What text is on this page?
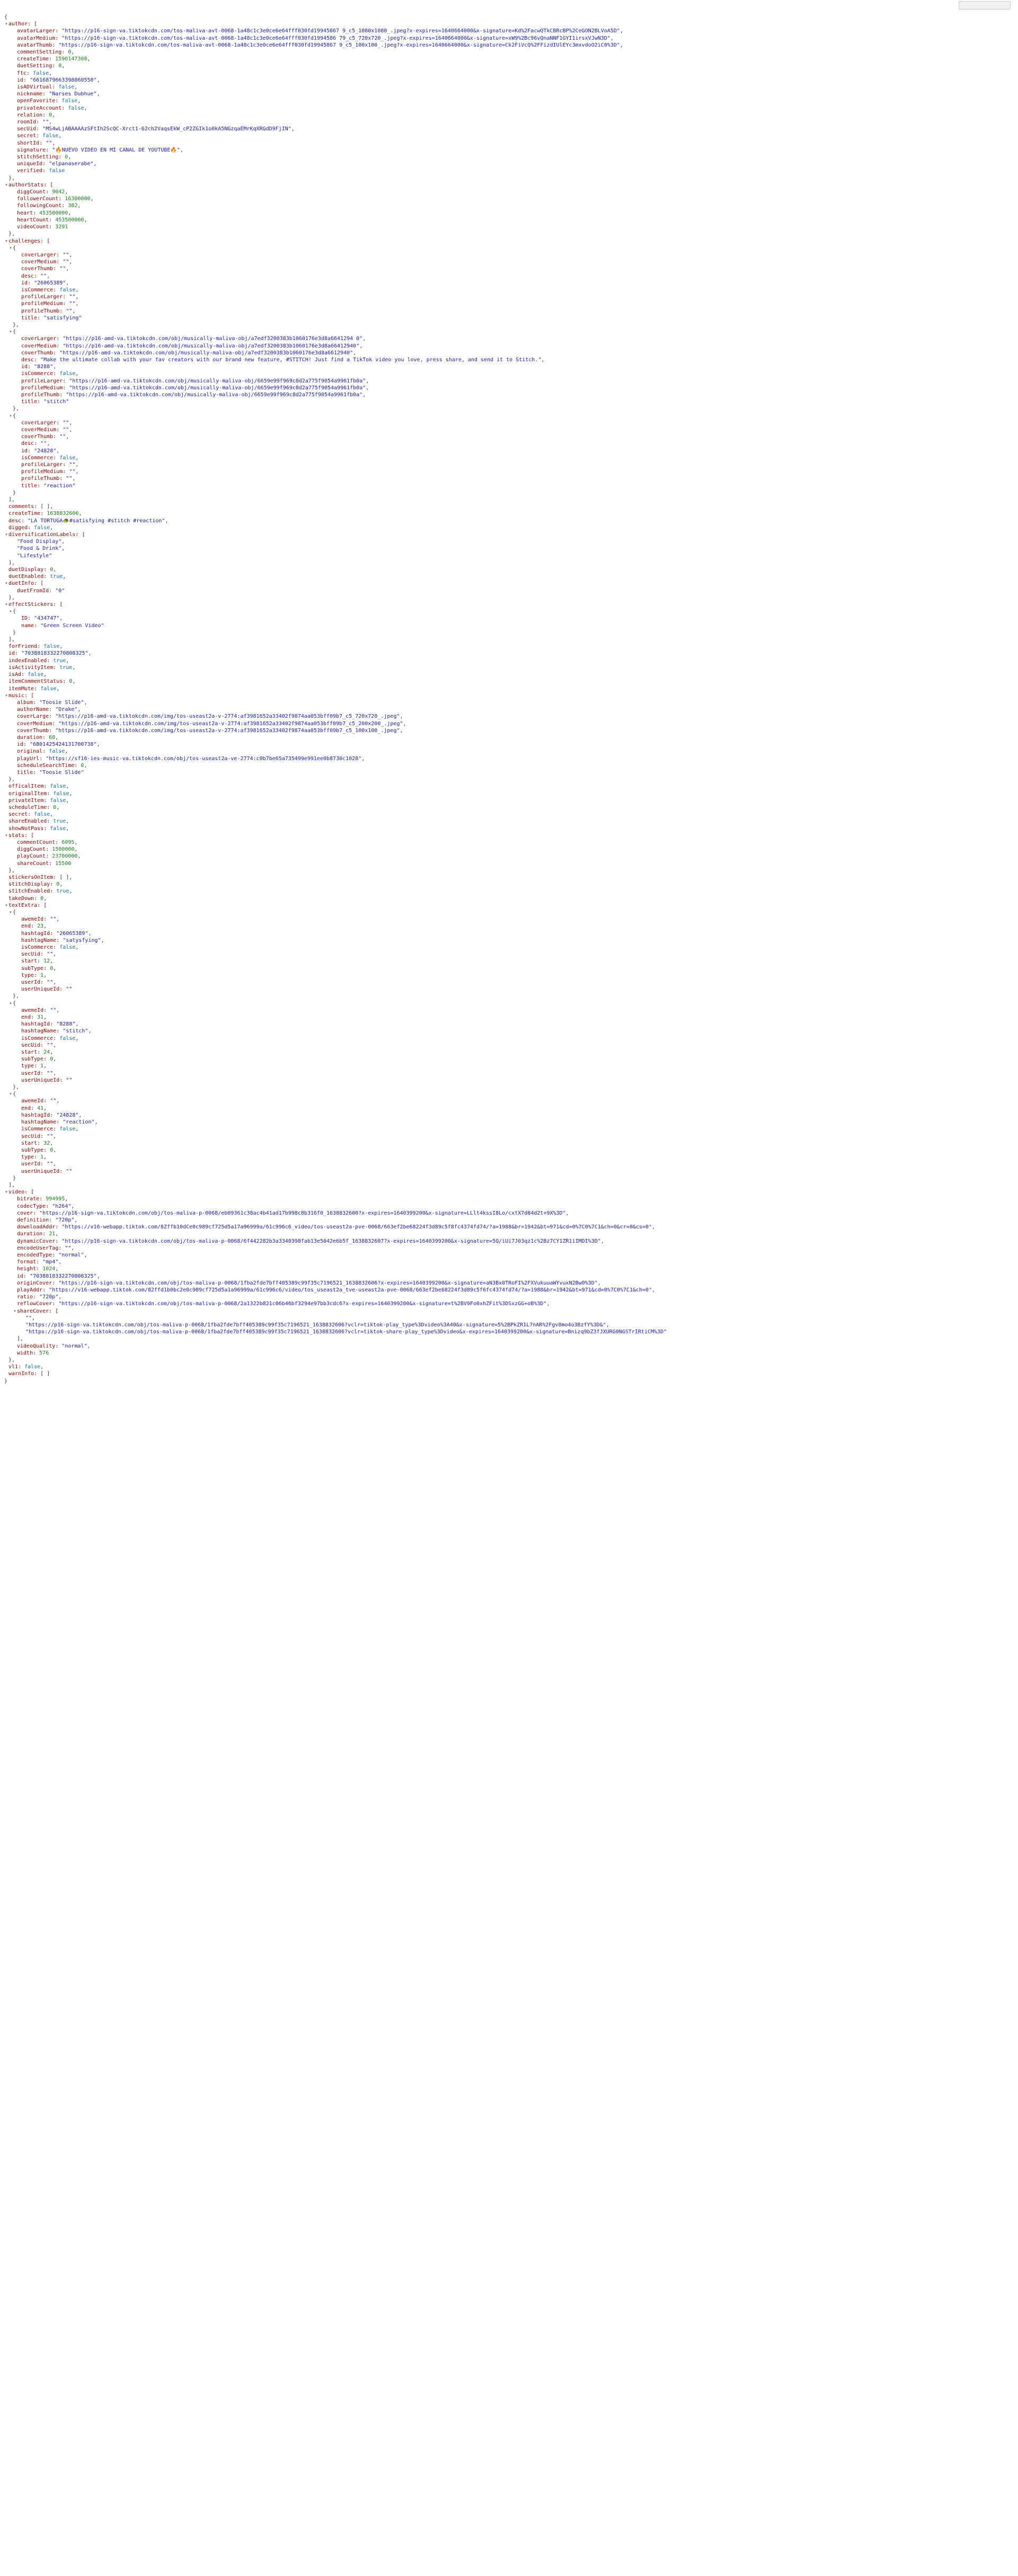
{
▾author: [
avatarLarger: "https://p16-sign-va.tiktokcdn.com/tos-maliva-avt-0068-1a48c1c3e0ce6e64fff030fd19945867 9_c5_1080x1080_.jpeg?x-expires=1640664000&x-signature=Kd%2FacwQTkCBRcBP%2CeGON2BLVoA5D",
avatarMedium: "https://p16-sign-va.tiktokcdn.com/tos-maliva-avt-0068-1a48c1c3e0ce6e64fff030fd1994586 79_c5_720x720_.jpeg?x-expires=1640664000&x-signature=xW9%2Bc96vQnaNNF1GYI1irsxVJwN3D",
avatarThumb: "https://p16-sign-va.tiktokcdn.com/tos-maliva-avt-0068-1a48c1c3e0ce6e64fff030fd19945867 9_c5_100x100_.jpeg?x-expires=1640664000&x-signature=Ck2FiVcQ%2FFizdIUlEYc3mxvdoO2iC0%3D",
commentSetting: 0,
createTime: 1590147308,
duetSetting: 0,
ftc: false,
id: "6616879663398860550",
isADVirtual: false,
nickname: "Narses Dubhue",
openFavorite: false,
privateAccount: false,
relation: 0,
roomId: "",
secUid: "MS4wLjABAAAAzSFtIh2ScQC-Xrct1-62ch2VaqsEkW_cP2ZGIk1o0kA5NGzqaEMrKqXRGdD9FjIN",
secret: false,
shortId: "",
signature: "🔥NUEVO VIDEO EN MI CANAL DE YOUTUBE🔥",
stitchSetting: 0,
uniqueId: "elpanaserabe",
verified: false
},
▾authorStats: [
diggCount: 9042,
followerCount: 16300000,
followingCount: 382,
heart: 453500000,
heartCount: 453500000,
videoCount: 3291
},
▾challenges: [
▾{
coverLarger: "",
coverMedium: "",
coverThumb: "",
desc: "",
id: "26065389",
isCommerce: false,
profileLarger: "",
profileMedium: "",
profileThumb: "",
title: "satisfying"
},
▾{
coverLarger: "https://p16-amd-va.tiktokcdn.com/obj/musically-maliva-obj/a7edf3200383b1060176e3d8a6641294 0",
coverMedium: "https://p16-amd-va.tiktokcdn.com/obj/musically-maliva-obj/a7edf3200383b1060176e3d8a66412940",
coverThumb: "https://p16-amd-va.tiktokcdn.com/obj/musically-maliva-obj/a7edf3200383b1060176e3d8a6612940",
desc: "Make the ultimate collab with your fav creators with our brand new feature, #STITCH! Just find a TikTok video you love, press share, and send it to Stitch.",
id: "8288",
isCommerce: false,
profileLarger: "https://p16-amd-va.tiktokcdn.com/obj/musically-maliva-obj/6659e99f969c8d2a775f9054a9961fb0a",
profileMedium: "https://p16-amd-va.tiktokcdn.com/obj/musically-maliva-obj/6659e99f969c8d2a775f9054a9961fb0a",
profileThumb: "https://p16-amd-va.tiktokcdn.com/obj/musically-maliva-obj/6659e99f969c8d2a775f9054a9961fb0a",
title: "stitch"
},
▾{
coverLarger: "",
coverMedium: "",
coverThumb: "",
desc: "",
id: "24828",
isCommerce: false,
profileLarger: "",
profileMedium: "",
profileThumb: "",
title: "reaction"
}
],
comments: [ ],
createTime: 1638832606,
desc: "LA TORTUGA🐢#satisfying #stitch #reaction",
digged: false,
▾diversificationLabels: [
"Food Display",
"Food & Drink",
"Lifestyle"
],
duetDisplay: 0,
duetEnabled: true,
▾duetInfo: [
duetFromId: "0"
},
▾effectStickers: [
▾{
ID: "434747",
name: "Green Screen Video"
}
],
forFriend: false,
id: "7038818332270808325",
indexEnabled: true,
isActivityItem: true,
isAd: false,
itemCommentStatus: 0,
itemMute: false,
▾music: [
album: "Toosie Slide",
authorName: "Drake",
coverLarge: "https://p16-amd-va.tiktokcdn.com/img/tos-useast2a-v-2774:af3981652a33402f9874aa053bff09b7_c5_720x720_.jpeg",
coverMedium: "https://p16-amd-va.tiktokcdn.com/img/tos-useast2a-v-2774:af3981652a33402f9874aa053bff09b7_c5_200x200_.jpeg",
coverThumb: "https://p16-amd-va.tiktokcdn.com/img/tos-useast2a-v-2774:af3981652a33402f9874aa053bff09b7_c5_100x100_.jpeg",
duration: 60,
id: "6801425424131700738",
original: false,
playUrl: "https://sf16-ies-music-va.tiktokcdn.com/obj/tos-useast2a-ve-2774:c0b7be65a735499e991ee0b8730c1028",
scheduleSearchTime: 0,
title: "Toosie Slide"
},
officalItem: false,
originalItem: false,
privateItem: false,
scheduleTime: 0,
secret: false,
shareEnabled: true,
showNotPass: false,
▾stats: [
commentCount: 6095,
diggCount: 1500000,
playCount: 23700000,
shareCount: 15500
},
stickersOnItem: [ ],
stitchDisplay: 0,
stitchEnabled: true,
takeDown: 0,
▾textExtra: [
▾{
awemeId: "",
end: 23,
hashtagId: "26065389",
hashtagName: "satysfying",
isCommerce: false,
secUid: "",
start: 12,
subType: 0,
type: 1,
userId: "",
userUniqueId: ""
},
▾{
awemeId: "",
end: 31,
hashtagId: "8288",
hashtagName: "stitch",
isCommerce: false,
secUid: "",
start: 24,
subType: 0,
type: 1,
userId: "",
userUniqueId: ""
},
▾{
awemeId: "",
end: 41,
hashtagId: "24828",
hashtagName: "reaction",
isCommerce: false,
secUid: "",
start: 32,
subType: 0,
type: 1,
userId: "",
userUniqueId: ""
}
],
▾video: [
bitrate: 994995,
codecType: "h264",
cover: "https://p16-sign-va.tiktokcdn.com/obj/tos-maliva-p-0068/eb09361c38ac4b41ad17b998c8b316f0_1638832600?x-expires=1640399200&x-signature=LLlt4kssI8Lo/cxtX7d84d2t+9X%3D",
definition: "720p",
downloadAddr: "https://v16-webapp.tiktok.com/8Zffb10dCe0c989cf725d5a17a96999a/61c996c6_video/tos-useast2a-pve-0068/663ef2be68224f3d89c5f8fc4374fd74/?a=1988&br=1942&bt=971&cd=0%7C0%7C1&ch=0&cr=0&cs=0",
duration: 21,
dynamicCover: "https://p16-sign-va.tiktokcdn.com/obj/tos-maliva-p-0068/6f442282b3a3340398fab13e5042e6b5f_1638832607?x-expires=1640399200&x-signature=5Q/iUi7J03qz1c%2Bz7CY1ZR1iIMDI%3D",
encodeUserTag: "",
encodedType: "normal",
format: "mp4",
height: 1024,
id: "7038818332270808325",
originCover: "https://p16-sign-va.tiktokcdn.com/obj/tos-maliva-p-0068/1fba2fde7bff405389c99f35c7196521_1638832606?x-expires=1640399200&x-signature=aN3Bx0TRoFI%2FXVukuuaWYvuxN2Bw0%3D",
playAddr: "https://v16-webapp.tiktok.com/82ffd1b0bc2e0c989cf725d5a1a96999a/61c996c6/video/tos_useast2a_tve-useast2a-pve-0068/663ef2be68224f3d89c5f6fc4374fd74/?a=1988&br=1942&bt=971&cd=0%7C0%7C1&ch=0",
ratio: "720p",
reflowCover: "https://p16-sign-va.tiktokcdn.com/obj/tos-maliva-p-0068/2a1322b821c06b46bf3294e97bb3cdc6?x-expires=1640399200&x-signature=t%2BV9Fo0xhZFit%3DSxzGG+oB%3D",
▾shareCover: [
"",
"https://p16-sign-va.tiktokcdn.com/obj/tos-maliva-p-0068/1fba2fde7bff405389c99f35c7196521_1638832606?vclr=tiktok-play_type%3Dvideo%3A40&x-signature=5%2BPkZR1L7nAR%2Fgv8mo4o3BzfY%3D&",
"https://p16-sign-va.tiktokcdn.com/obj/tos-maliva-p-0068/1fba2fde7bff405389c99f35c7196521_1638832606?vclr=tiktok-share-play_type%3Dvideo&x-expires=1640399200&x-signature=Bnizq9bZ3fJXURG0NGSTrIRtiCM%3D"
],
videoQuality: "normal",
width: 576
},
vl1: false,
warnInfo: [ ]
}
